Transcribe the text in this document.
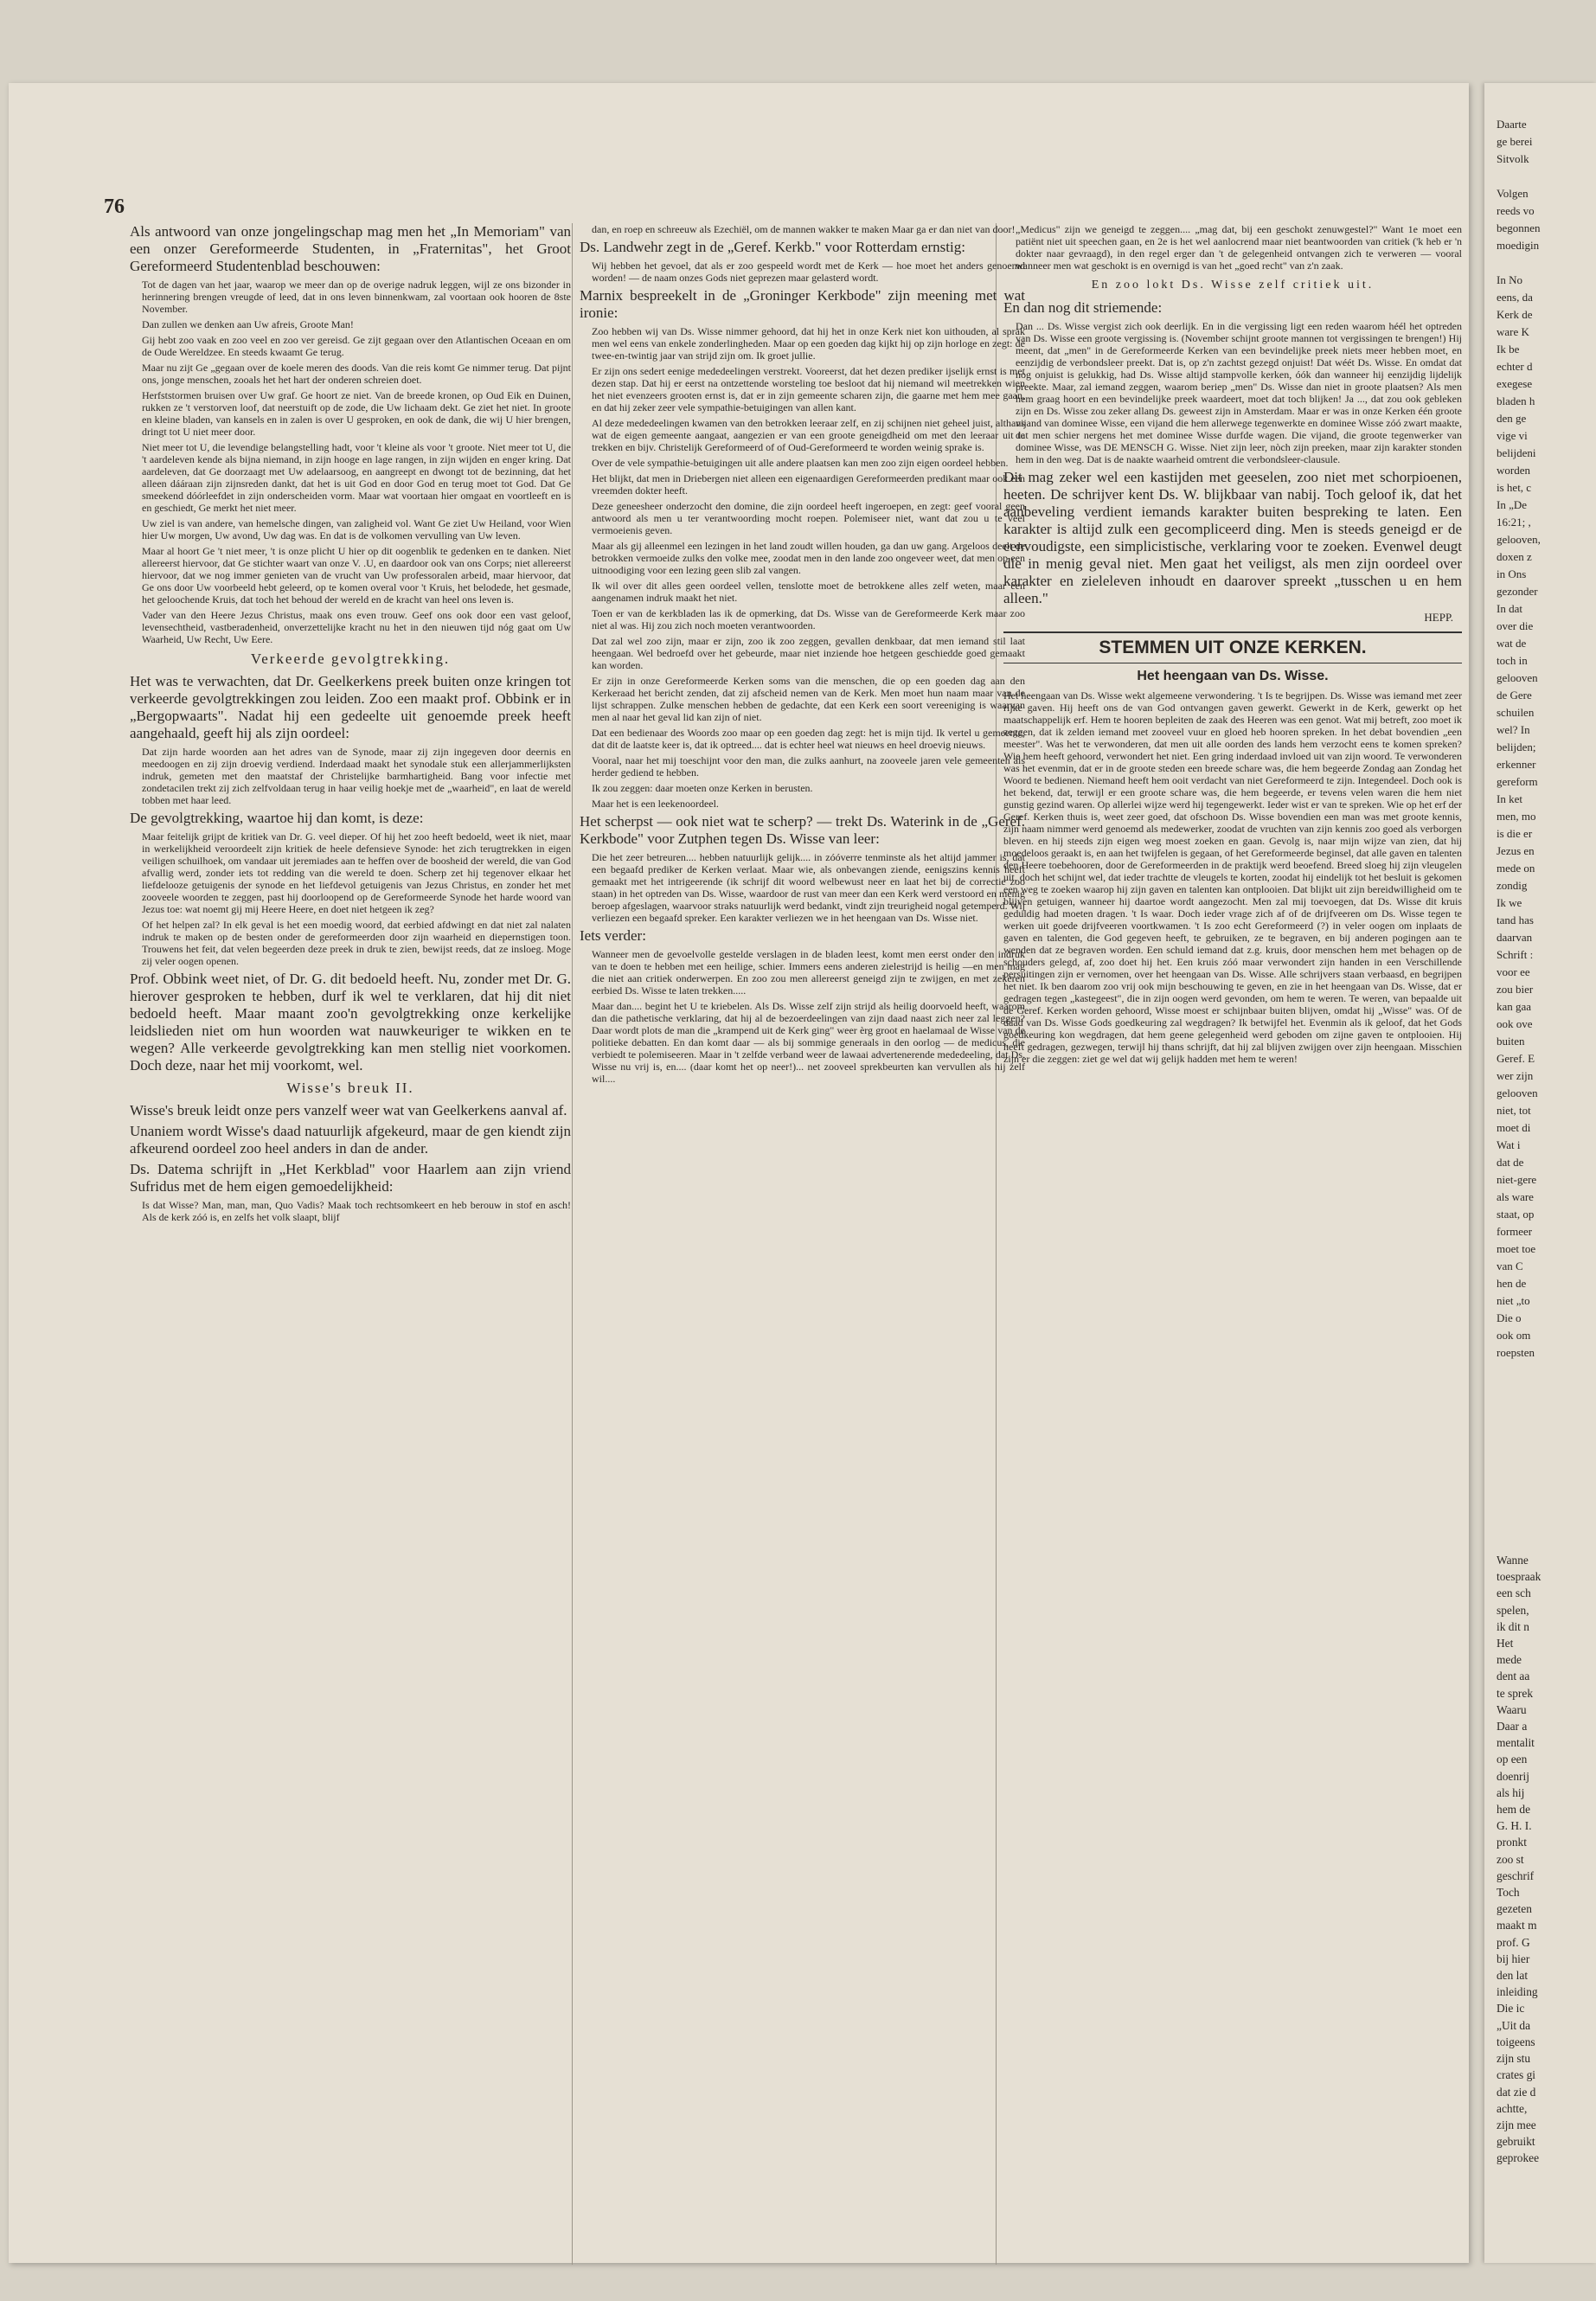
76

Als antwoord van onze jongelingschap mag men het „In Memoriam" van een onzer Gereformeerde Studenten, in „Fraternitas", het Groot Gereformeerd Studentenblad beschouwen:

Tot de dagen van het jaar, waarop we meer dan op de overige nadruk leggen, wijl ze ons bizonder in herinnering brengen vreugde of leed, dat in ons leven binnenkwam, zal voortaan ook hooren de 8ste November.

Dan zullen we denken aan Uw afreis, Groote Man!

Gij hebt zoo vaak en zoo veel en zoo ver gereisd. Ge zijt gegaan over den Atlantischen Oceaan en om de Oude Wereldzee. En steeds kwaamt Ge terug.

Maar nu zijt Ge „gegaan over de koele meren des doods. Van die reis komt Ge nimmer terug. Dat pijnt ons, jonge menschen, zooals het het hart der onderen schreien doet.

Herfststormen bruisen over Uw graf. Ge hoort ze niet. Van de breede kronen, op Oud Eik en Duinen, rukken ze 't verstorven loof, dat neerstuift op de zode, die Uw lichaam dekt. Ge ziet het niet. In groote en kleine bladen, van kansels en in zalen is over U gesproken, en ook de dank, die wij U hier brengen, dringt tot U niet meer door.

Niet meer tot U, die levendige belangstelling hadt, voor 't kleine als voor 't groote. Niet meer tot U, die 't aardeleven kende als bijna niemand, in zijn hooge en lage rangen, in zijn wijden en enger kring. Dat aardeleven, dat Ge doorzaagt met Uw adelaarsoog, en aangreept en dwongt tot de bezinning, dat het alleen dáárаan zijn zijnsreden dankt, dat het is uit God en door God en terug moet tot God. Dat Ge smeekend dóórleefdet in zijn onderscheiden vorm. Maar wat voortaan hier omgaat en voortleeft en is en geschiedt, Ge merkt het niet meer.

Uw ziel is van andere, van hemelsche dingen, van zaligheid vol. Want Ge ziet Uw Heiland, voor Wien hier Uw morgen, Uw avond, Uw dag was. En dat is de volkomen vervulling van Uw leven.

Maar al hoort Ge 't niet meer, 't is onze plicht U hier op dit oogenblik te gedenken en te danken. Niet allereerst hiervoor, dat Ge stichter waart van onze V. .U, en daardoor ook van ons Corps; niet allereerst hiervoor, dat we nog immer genieten van de vrucht van Uw professoralen arbeid, maar hiervoor, dat Ge ons door Uw voorbeeld hebt geleerd, op te komen overal voor 't Kruis, het belodede, het gesmade, het geloochende Kruis, dat toch het behoud der wereld en de kracht van heel ons leven is.

Vader van den Heere Jezus Christus, maak ons even trouw. Geef ons ook door een vast geloof, levensechtheid, vastberadenheid, onverzettelijke kracht nu het in den nieuwen tijd nóg gaat om Uw Waarheid, Uw Recht, Uw Eere.

Verkeerde gevolgtrekking.

Het was te verwachten, dat Dr. Geelkerkens preek buiten onze kringen tot verkeerde gevolgtrekkingen zou leiden. Zoo een maakt prof. Obbink er in „Bergopwaarts". Nadat hij een gedeelte uit genoemde preek heeft aangehaald, geeft hij als zijn oordeel:

Dat zijn harde woorden aan het adres van de Synode, maar zij zijn ingegeven door deernis en meedoogen en zij zijn droevig verdiend. Inderdaad maakt het synodale stuk een allerjammerlijksten indruk, gemeten met den maatstaf der Christelijke barmhartigheid. Bang voor infectie met zondetacilen trekt zij zich zelfvoldaan terug in haar veilig hoekje met de „waarheid", en laat de wereld tobben met haar leed.

De gevolgtrekking, waartoe hij dan komt, is deze:

Maar feitelijk grijpt de kritiek van Dr. G. veel dieper. Of hij het zoo heeft bedoeld, weet ik niet, maar in werkelijkheid veroordeelt zijn kritiek de heele defensieve Synode: het zich terugtrekken in eigen veiligen schuilhoek, om vandaar uit jeremiades aan te heffen over de boosheid der wereld, die van God afvallig werd, zonder iets tot redding van die wereld te doen. Scherp zet hij tegenover elkaar het liefdelooze getuigenis der synode en het liefdevol getuigenis van Jezus Christus, en zonder het met zooveele woorden te zeggen, past hij doorloopend op de Gereformeerde Synode het harde woord van Jezus toe: wat noemt gij mij Heere Heere, en doet niet hetgeen ik zeg?

Of het helpen zal? In elk geval is het een moedig woord, dat eerbied afdwingt en dat niet zal nalaten indruk te maken op de besten onder de gereformeerden door zijn waarheid en diepernstigen toon. Trouwens het feit, dat velen begeerden deze preek in druk te zien, bewijst reeds, dat ze insloeg. Moge zij veler oogen openen.

Prof. Obbink weet niet, of Dr. G. dit bedoeld heeft. Nu, zonder met Dr. G. hierover gesproken te hebben, durf ik wel te verklaren, dat hij dit niet bedoeld heeft. Maar maant zoo'n gevolgtrekking onze kerkelijke leidslieden niet om hun woorden wat nauwkeuriger te wikken en te wegen? Alle verkeerde gevolgtrekking kan men stellig niet voorkomen. Doch deze, naar het mij voorkomt, wel.

Wisse's breuk II.

Wisse's breuk leidt onze pers vanzelf weer wat van Geelkerkens aanval af.

Unaniem wordt Wisse's daad natuurlijk afgekeurd, maar de gen kiendt zijn afkeurend oordeel zoo heel anders in dan de ander.

Ds. Datema schrijft in „Het Kerkblad" voor Haarlem aan zijn vriend Sufridus met de hem eigen gemoedelijkheid:

Is dat Wisse? Man, man, man, Quo Vadis? Maak toch rechtsomkeert en heb berouw in stof en asch! Als de kerk zóó is, en zelfs het volk slaapt, blijf

dan, en roep en schreeuw als Ezechiël, om de mannen wakker te maken Maar ga er dan niet van door!

Ds. Landwehr zegt in de „Geref. Kerkb." voor Rotterdam ernstig:

Wij hebben het gevoel, dat als er zoo gespeeld wordt met de Kerk — hoe moet het anders genoemd worden! — de naam onzes Gods niet geprezen maar gelasterd wordt.

Marnix bespreekelt in de „Groninger Kerkbode" zijn meening met wat ironie:

Zoo hebben wij van Ds. Wisse nimmer gehoord, dat hij het in onze Kerk niet kon uithouden, al sprak men wel eens van enkele zonderlingheden. Maar op een goeden dag kijkt hij op zijn horloge en zegt: de twee-en-twintig jaar van strijd zijn om. Ik groet jullie.

Er zijn ons sedert eenige mededeelingen verstrekt. Vooreerst, dat het dezen prediker ijselijk ernst is met dezen stap. Dat hij er eerst na ontzettende worsteling toe besloot dat hij niemand wil meetrekken wien het niet evenzeers grooten ernst is, dat er in zijn gemeente scharen zijn, die gaarne met hem mee gaan, en dat hij zeker zeer vele sympathie-betuigingen van allen kant.

Al deze mededeelingen kwamen van den betrokken leeraar zelf, en zij schijnen niet geheel juist, althans wat de eigen gemeente aangaat, aangezien er van een groote geneigdheid om met den leeraar uit te trekken en bijv. Christelijk Gereformeerd of of Oud-Gereformeerd te worden weinig sprake is.

Over de vele sympathie-betuigingen uit alle andere plaatsen kan men zoo zijn eigen oordeel hebben.

Het blijkt, dat men in Driebergen niet alleen een eigenaardigen Gereformeerden predikant maar ook een vreemden dokter heeft.

Deze geneesheer onderzocht den domine, die zijn oordeel heeft ingeroepen, en zegt: geef vooral geen antwoord als men u ter verantwoording mocht roepen. Polemiseer niet, want dat zou u te veel vermoeienis geven.

Maar als gij alleenmel een lezingen in het land zoudt willen houden, ga dan uw gang. Argeloos deelt de betrokken vermoeide zulks den volke mee, zoodat men in den lande zoo ongeveer weet, dat men op een uitnoodiging voor een lezing geen slib zal vangen.

Ik wil over dit alles geen oordeel vellen, tenslotte moet de betrokkene alles zelf weten, maar een aangenamen indruk maakt het niet.

Toen er van de kerkbladen las ik de opmerking, dat Ds. Wisse van de Gereformeerde Kerk maar zoo niet al was. Hij zou zich noch moeten verantwoorden.

Dat zal wel zoo zijn, maar er zijn, zoo ik zoo zeggen, gevallen denkbaar, dat men iemand stil laat heengaan. Wel bedroefd over het gebeurde, maar niet inziende hoe hetgeen geschiedde goed gemaakt kan worden.

Er zijn in onze Gereformeerde Kerken soms van die menschen, die op een goeden dag aan den Kerkeraad het bericht zenden, dat zij afscheid nemen van de Kerk. Men moet hun naam maar van de lijst schrappen. Zulke menschen hebben de gedachte, dat een Kerk een soort vereeniging is waarvan men al naar het geval lid kan zijn of niet.

Dat een bedienaar des Woords zoo maar op een goeden dag zegt: het is mijn tijd. Ik vertel u gemeente, dat dit de laatste keer is, dat ik optreed.... dat is echter heel wat nieuws en heel droevig nieuws.

Vooral, naar het mij toeschijnt voor den man, die zulks aanhurt, na zooveele jaren vele gemeenten als herder gediend te hebben.

Ik zou zeggen: daar moeten onze Kerken in berusten.

Maar het is een leekenoordeel.

Het scherpst — ook niet wat te scherp? — trekt Ds. Waterink in de „Geref. Kerkbode" voor Zutphen tegen Ds. Wisse van leer:

Die het zeer betreuren.... hebben natuurlijk gelijk.... in zóóverre tenminste als het altijd jammer is, dat een begaafd prediker de Kerken verlaat. Maar wie, als onbevangen ziende, eenigszins kennis heeft gemaakt met het intrigeerende (ik schrijf dit woord welbewust neer en laat het bij de correctie zoo staan) in het optreden van Ds. Wisse, waardoor de rust van meer dan een Kerk werd verstoord en menig beroep afgeslagen, waarvoor straks natuurlijk werd bedankt, vindt zijn treurigheid nogal getemperd. Wij verliezen een begaafd spreker. Een karakter verliezen we in het heengaan van Ds. Wisse niet.

Iets verder:

Wanneer men de gevoelvolle gestelde verslagen in de bladen leest, komt men eerst onder den indruk van te doen te hebben met een heilige, schier. Immers eens anderen zielestrijd is heilig —en men mag die niet aan critiek onderwerpen. En zoo zou men allereerst geneigd zijn te zwijgen, en met zekeren eerbied Ds. Wisse te laten trekken.....

Maar dan.... begint het U te kriebelen. Als Ds. Wisse zelf zijn strijd als heilig doorvoeld heeft, waarom dan die pathetische verklaring, dat hij al de bezoerdeelingen van zijn daad naast zich neer zal leggen? Daar wordt plots de man die „krampend uit de Kerk ging" weer èrg groot en haelamaal de Wisse van de politieke debatten. En dan komt daar — als bij sommige generaals in den oorlog — de medicus, die verbiedt te polemiseeren. Maar in 't zelfde verband weer de lawaai advertenerende mededeeling, dat Ds. Wisse nu vrij is, en.... (daar komt het op neer!)... net zooveel sprekbeurten kan vervullen als hij zelf wil....

„Medicus" zijn we geneigd te zeggen.... „mag dat, bij een geschokt zenuwgestel?" Want 1e moet een patiënt niet uit speechen gaan, en 2e is het wel aanlocrend maar niet beantwoorden van critiek ('k heb er 'n dokter naar gevraagd), in den regel erger dan 't de gelegenheid ontvangen zich te verweren — vooral wanneer men wat geschokt is en overnigd is van het „goed recht" van z'n zaak.

En zoo lokt Ds. Wisse zelf critiek uit.

En dan nog dit striemende:

Dan ... Ds. Wisse vergist zich ook deerlijk. En in die vergissing ligt een reden waarom héél het optreden van Ds. Wisse een groote vergissing is. (November schijnt groote mannen tot vergissingen te brengen!) Hij meent, dat „men" in de Gereformeerde Kerken van een bevindelijke preek niets meer hebben moet, en eenzijdig de verbondsleer preekt. Dat is, op z'n zachtst gezegd onjuist! Dat wéét Ds. Wisse. En omdat dat nog onjuist is gelukkig, had Ds. Wisse altijd stampvolle kerken, óók dan wanneer hij eenzijdig lijdelijk preekte. Maar, zal iemand zeggen, waarom beriep „men" Ds. Wisse dan niet in groote plaatsen? Als men hem graag hoort en een bevindelijke preek waardeert, moet dat toch blijken! Ja ..., dat zou ook gebleken zijn en Ds. Wisse zou zeker allang Ds. geweest zijn in Amsterdam. Maar er was in onze Kerken één groote vijand van dominee Wisse, een vijand die hem allerwege tegenwerkte en dominee Wisse zóó zwart maakte, dat men schier nergens het met dominee Wisse durfde wagen. Die vijand, die groote tegenwerker van dominee Wisse, was DE MENSCH G. Wisse. Niet zijn leer, nòch zijn preeken, maar zijn karakter stonden hem in den weg. Dat is de naakte waarheid omtrent die verbondsleer-clausule.

Dit mag zeker wel een kastijden met geeselen, zoo niet met schorpioenen, heeten. De schrijver kent Ds. W. blijkbaar van nabij. Toch geloof ik, dat het aanbeveling verdient iemands karakter buiten bespreking te laten. Een karakter is altijd zulk een gecompliceerd ding. Men is steeds geneigd er de eenvoudigste, een simplicistische, verklaring voor te zoeken. Evenwel deugt die in menig geval niet. Men gaat het veiligst, als men zijn oordeel over karakter en zieleleven inhoudt en daarover spreekt „tusschen u en hem alleen."

HEPP.
STEMMEN UIT ONZE KERKEN.
Het heengaan van Ds. Wisse.

Het heengaan van Ds. Wisse wekt algemeene verwondering. 't Is te begrijpen. Ds. Wisse was iemand met zeer rijke gaven. Hij heeft ons de van God ontvangen gaven gewerkt. Gewerkt in de Kerk, gewerkt op het maatschappelijk erf. Hem te hooren bepleiten de zaak des Heeren was een genot. Wat mij betreft, zoo moet ik zeggen, dat ik zelden iemand met zooveel vuur en gloed heb hooren spreken. In het debat bovendien „een meester". Was het te verwonderen, dat men uit alle oorden des lands hem verzocht eens te komen spreken? Wie hem heeft gehoord, verwondert het niet. Een gring inderdaad invloed uit van zijn woord. Te verwonderen was het evenmin, dat er in de groote steden een breede schare was, die hem begeerde Zondag aan Zondag het Woord te bedienen. Niemand heeft hem ooit verdacht van niet Gereformeerd te zijn. Integendeel. Doch ook is het bekend, dat, terwijl er een groote schare was, die hem begeerde, er tevens velen waren die hem niet gunstig gezind waren. Op allerlei wijze werd hij tegengewerkt. Ieder wist er van te spreken. Wie op het erf der Geref. Kerken thuis is, weet zeer goed, dat ofschoon Ds. Wisse bovendien een man was met groote kennis, zijn naam nimmer werd genoemd als medewerker, zoodat de vruchten van zijn kennis zoo goed als verborgen bleven. en hij steeds zijn eigen weg moest zoeken en gaan. Gevolg is, naar mijn wijze van zien, dat hij moedeloos geraakt is, en aan het twijfelen is gegaan, of het Gereformeerde beginsel, dat alle gaven en talenten den Heere toebehooren, door de Gereformeerden in de praktijk werd beoefend. Breed sloeg hij zijn vleugelen uit, doch het schijnt wel, dat ieder trachtte de vleugels te korten, zoodat hij eindelijk tot het besluit is gekomen een weg te zoeken waarop hij zijn gaven en talenten kan ontplooien. Dat blijkt uit zijn bereidwilligheid om te blijven getuigen, wanneer hij daartoe wordt aangezocht. Men zal mij toevoegen, dat Ds. Wisse dit kruis geduldig had moeten dragen. 't Is waar. Doch ieder vrage zich af of de drijfveeren om Ds. Wisse tegen te werken uit goede drijfveeren voortkwamen. 't Is zoo echt Gereformeerd (?) in veler oogen om inplaats de gaven en talenten, die God gegeven heeft, te gebruiken, ze te begraven, en bij anderen pogingen aan te wenden dat ze begraven worden. Een schuld iemand dat z.g. kruis, door menschen hem met behagen op de schouders gelegd, af, zoo doet hij het. Een kruis zóó maar verwondert zijn handen in een Verschillende persuitingen zijn er vernomen, over het heengaan van Ds. Wisse. Alle schrijvers staan verbaasd, en begrijpen het niet. Ik ben daarom zoo vrij ook mijn beschouwing te geven, en zie in het heengaan van Ds. Wisse, dat er gedragen tegen „kastegeest", die in zijn oogen werd gevonden, om hem te weren. Te weren, van bepaalde uit de Geref. Kerken worden gehoord, Wisse moest er schijnbaar buiten blijven, omdat hij „Wisse" was. Of de daad van Ds. Wisse Gods goedkeuring zal wegdragen? Ik betwijfel het. Evenmin als ik geloof, dat het Gods goedkeuring kon wegdragen, dat hem geene gelegenheid werd geboden om zijne gaven te ontplooien. Hij heeft gedragen, gezwegen, terwijl hij thans schrijft, dat hij zal blijven zwijgen over zijn heengaan. Misschien zijn er die zeggen: ziet ge wel dat wij gelijk hadden met hem te weren!

Daarte

ge berei

Sitvolk

Volgen

reeds vo

begonnen

moedigin

In No

eens, da

Kerk de

ware K

Ik be

echter d

exegese

bladen h

den ge

vige vi

belijdeni

worden

is het, c

In „De

16:21; ,

gelooven,

doxen z

in Ons

gezonder

In dat

over die

wat de

toch in

gelooven

de Gere

schuilen

wel? In

belijden;

erkenner

gereform

In ket

men, mo

is die er

Jezus en

mede on

zondig

Ik we

tand has

daarvan

Schrift :

voor ee

zou bier

kan gaa

ook ove

buiten

Geref. E

wer zijn

gelooven

niet, tot

moet di

Wat i

dat de

niet-gere

als ware

staat, op

formeer

moet toe

van C

hen de

niet „to

Die o

ook om

roepsten

Wanne

toespraak

een sch

spelen,

ik dit n

Het

mede

dent aa

te sprek

Waaru

Daar a

mentalit

op een

doenrij

als hij

hem de

G. H. I.

pronkt

zoo st

geschrif

Toch

gezeten

maakt m

prof. G

bij hier

den lat

inleiding

Die ic

„Uit da

toigeens

zijn stu

crates gi

dat zie d

achtte,

zijn mee

gebruikt

geprokee
